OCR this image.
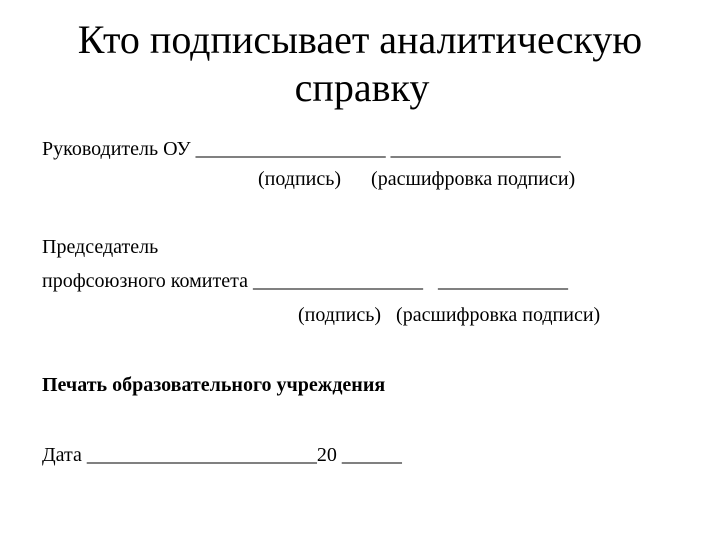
Кто подписывает аналитическую
справку
Руководитель ОУ ___________________ _________________
(подпись)      (расшифровка подписи)
Председатель
профсоюзного комитета _________________   _____________
(подпись)   (расшифровка подписи)
Печать образовательного учреждения
Дата _______________________20 ______
